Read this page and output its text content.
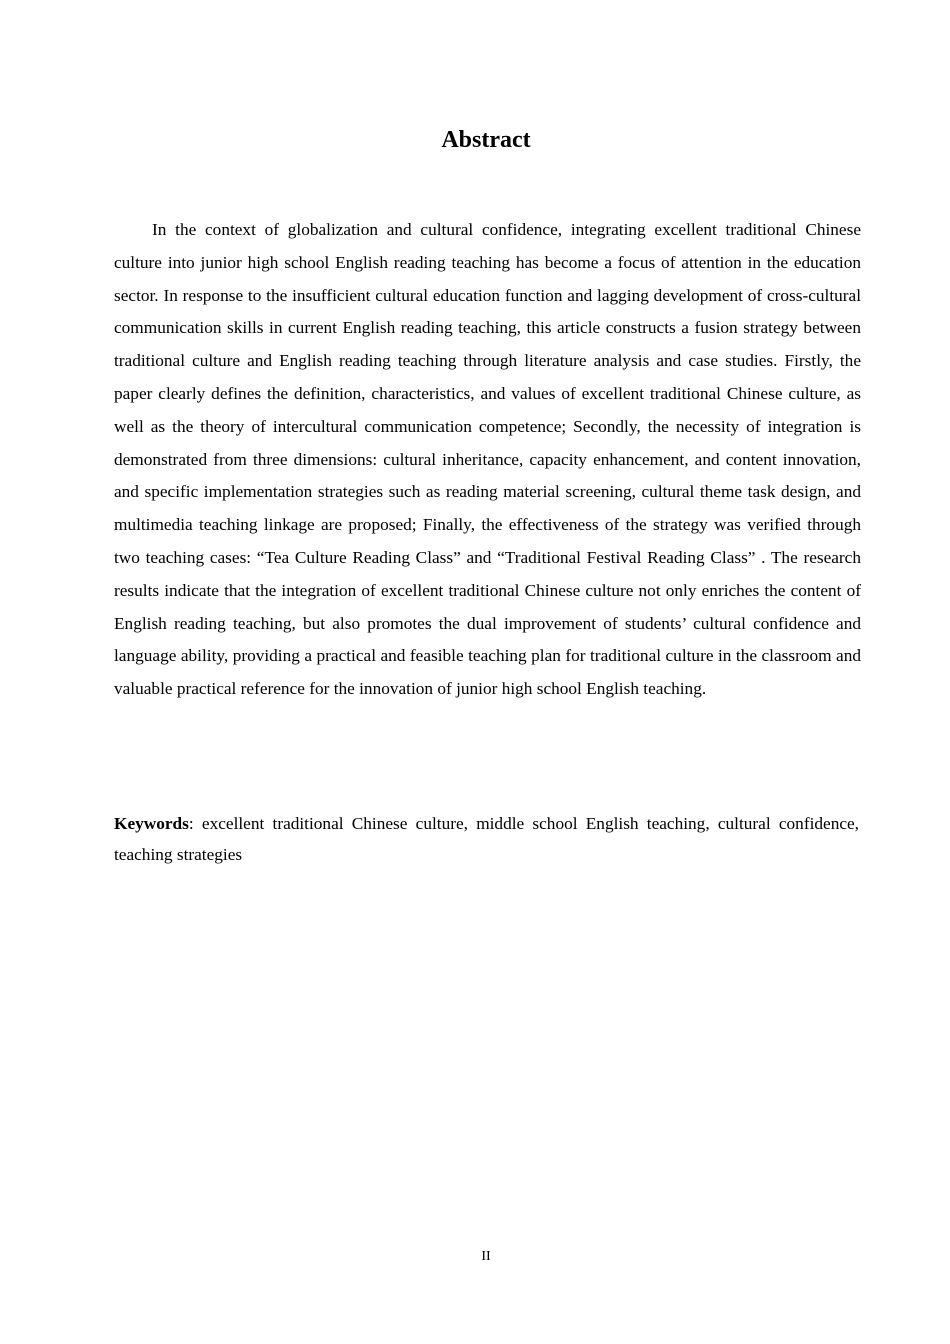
Abstract

In the context of globalization and cultural confidence, integrating excellent traditional Chinese culture into junior high school English reading teaching has become a focus of attention in the education sector. In response to the insufficient cultural education function and lagging development of cross-cultural communication skills in current English reading teaching, this article constructs a fusion strategy between traditional culture and English reading teaching through literature analysis and case studies. Firstly, the paper clearly defines the definition, characteristics, and values of excellent traditional Chinese culture, as well as the theory of intercultural communication competence; Secondly, the necessity of integration is demonstrated from three dimensions: cultural inheritance, capacity enhancement, and content innovation, and specific implementation strategies such as reading material screening, cultural theme task design, and multimedia teaching linkage are proposed; Finally, the effectiveness of the strategy was verified through two teaching cases: “Tea Culture Reading Class” and “Traditional Festival Reading Class” . The research results indicate that the integration of excellent traditional Chinese culture not only enriches the content of English reading teaching, but also promotes the dual improvement of students’ cultural confidence and language ability, providing a practical and feasible teaching plan for traditional culture in the classroom and valuable practical reference for the innovation of junior high school English teaching.

Keywords: excellent traditional Chinese culture, middle school English teaching, cultural confidence, teaching strategies

II
